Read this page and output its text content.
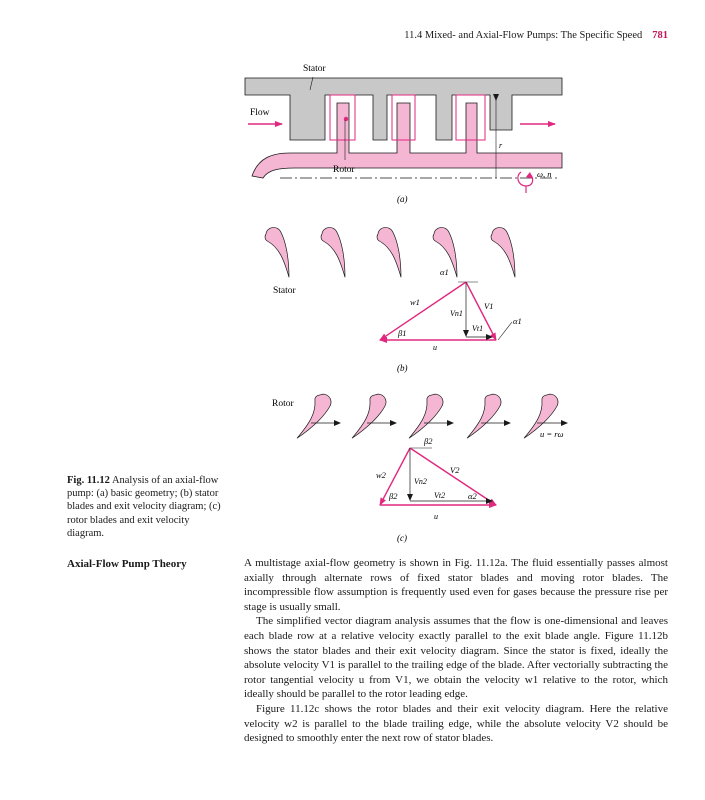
11.4 Mixed- and Axial-Flow Pumps: The Specific Speed 781
Stator
Flow
Rotor
r
ω, n
(a)
Stator
α1
w1
Vn1
V1
Vt1
α1
β1
u
(b)
Rotor
u = rω
β2
w2
Vn2
V2
Vt2	α2
β2
u
(c)
Fig. 11.12 Analysis of an axial-flow pump: (a) basic geometry; (b) stator blades and exit velocity diagram; (c) rotor blades and exit velocity diagram.
Axial-Flow Pump Theory	A multistage axial-flow geometry is shown in Fig. 11.12a. The fluid essentially passes almost axially through alternate rows of fixed stator blades and moving rotor blades. The incompressible flow assumption is frequently used even for gases because the pressure rise per stage is usually small.

The simplified vector diagram analysis assumes that the flow is one-dimensional and leaves each blade row at a relative velocity exactly parallel to the exit blade angle. Figure 11.12b shows the stator blades and their exit velocity diagram. Since the stator is fixed, ideally the absolute velocity V1 is parallel to the trailing edge of the blade. After vectorially subtracting the rotor tangential velocity u from V1, we obtain the velocity w1 relative to the rotor, which ideally should be parallel to the rotor leading edge.

Figure 11.12c shows the rotor blades and their exit velocity diagram. Here the relative velocity w2 is parallel to the blade trailing edge, while the absolute velocity V2 should be designed to smoothly enter the next row of stator blades.
